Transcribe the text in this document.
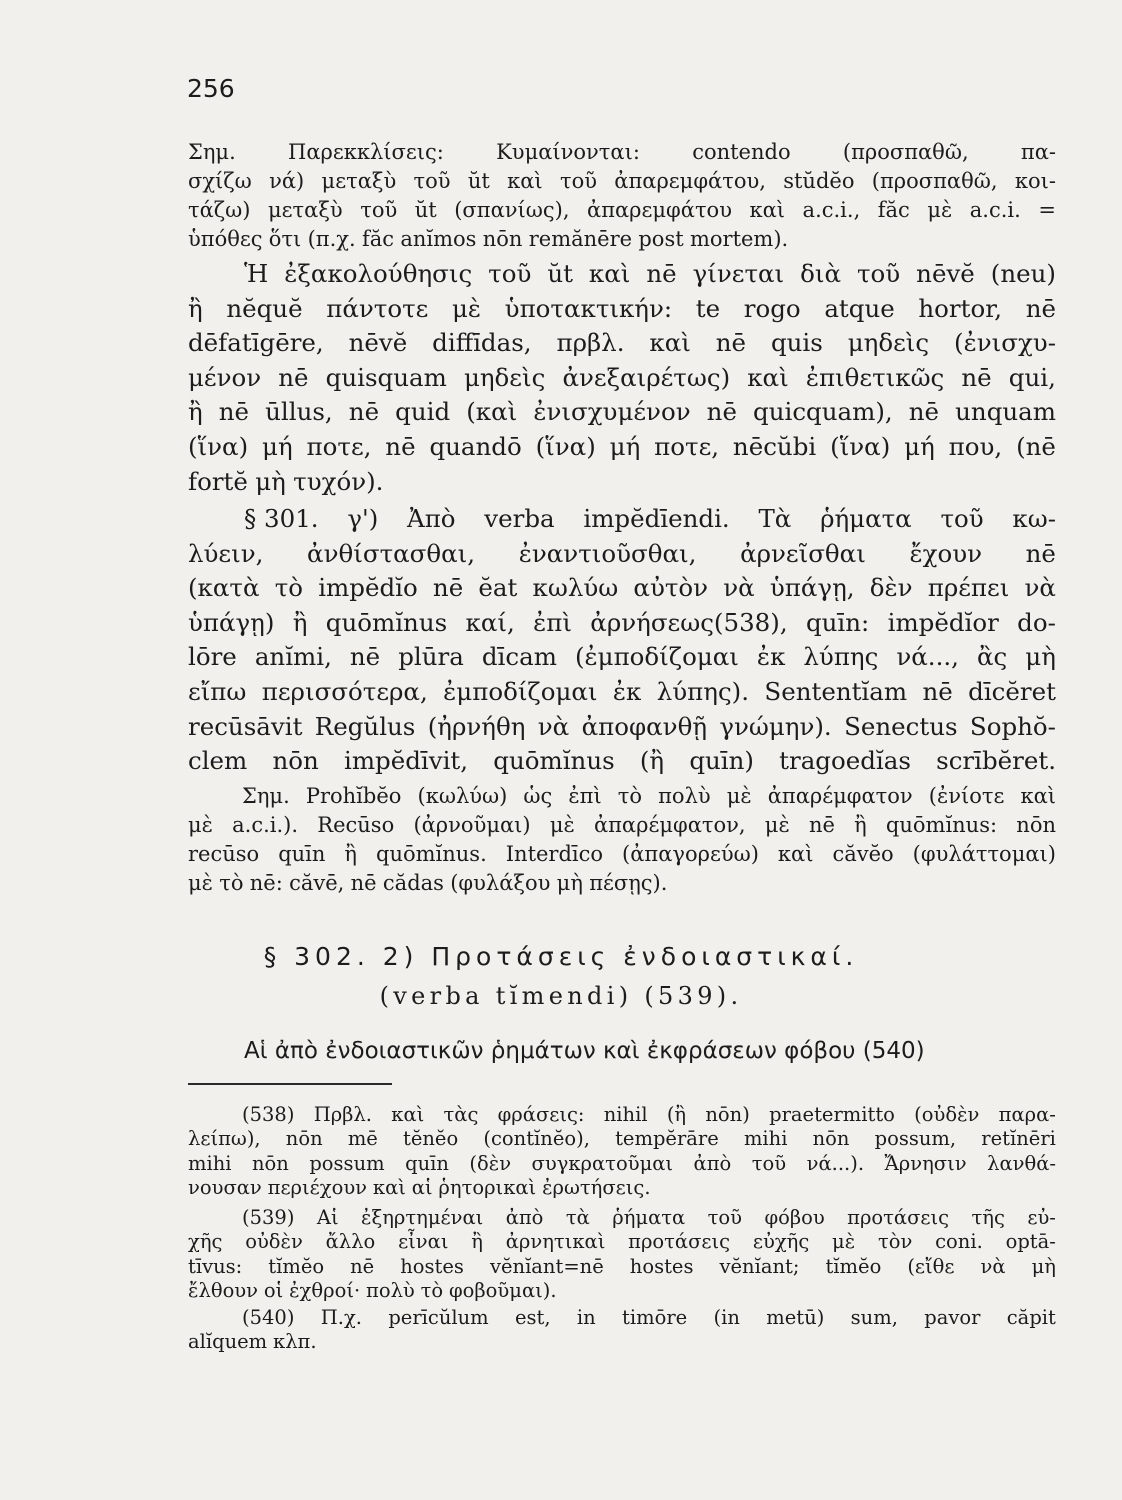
256
Σημ. Παρεκκλίσεις: Κυμαίνονται: contendo (προσπαθῶ, πα-
σχίζω νά) μεταξὺ τοῦ ŭt καὶ τοῦ ἀπαρεμφάτου, stŭdĕo (προσπαθῶ, κοι-
τάζω) μεταξὺ τοῦ ŭt (σπανίως), ἀπαρεμφάτου καὶ a.c.i., făc μὲ a.c.i. =
ὑπόθες ὅτι (π.χ. făc anĭmos nōn remănēre post mortem).
Ἡ ἐξακολούθησις τοῦ ŭt καὶ nē γίνεται διὰ τοῦ nēvĕ (neu)
ἢ nĕquĕ πάντοτε μὲ ὑποτακτικήν: te rogo atque hortor, nē
dēfatīgēre, nēvĕ diffīdas, πρβλ. καὶ nē quis μηδεὶς (ἐνισχυ-
μένον nē quisquam μηδεὶς ἀνεξαιρέτως) καὶ ἐπιθετικῶς nē qui,
ἢ nē ūllus, nē quid (καὶ ἐνισχυμένον nē quicquam), nē unquam
(ἵνα) μή ποτε, nē quandō (ἵνα) μή ποτε, nēcŭbi (ἵνα) μή που, (nē
fortĕ μὴ τυχόν).
§ 301. γ') Ἀπὸ verba impĕdīendi. Τὰ ῥήματα τοῦ κω-
λύειν, ἀνθίστασθαι, ἐναντιοῦσθαι, ἀρνεῖσθαι ἔχουν nē
(κατὰ τὸ impĕdĭo nē ĕat κωλύω αὐτὸν νὰ ὑπάγῃ, δὲν πρέπει νὰ
ὑπάγῃ) ἢ quōmĭnus καί, ἐπὶ ἀρνήσεως(538), quīn: impĕdĭor do-
lōre anĭmi, nē plūra dīcam (ἐμποδίζομαι ἐκ λύπης νά..., ἂς μὴ
εἴπω περισσότερα, ἐμποδίζομαι ἐκ λύπης). Sententĭam nē dīcĕret
recūsāvit Regŭlus (ἠρνήθη νὰ ἀποφανθῇ γνώμην). Senectus Sophŏ-
clem nōn impĕdīvit, quōmĭnus (ἢ quīn) tragoedĭas scrībĕret.
Σημ. Prohĭbĕo (κωλύω) ὡς ἐπὶ τὸ πολὺ μὲ ἀπαρέμφατον (ἐνίοτε καὶ
μὲ a.c.i.). Recūso (ἀρνοῦμαι) μὲ ἀπαρέμφατον, μὲ nē ἢ quōmĭnus: nōn
recūso quīn ἢ quōmĭnus. Interdīco (ἀπαγορεύω) καὶ căvĕo (φυλάττομαι)
μὲ τὸ nē: căvē, nē cădas (φυλάξου μὴ πέσῃς).
§ 302. 2) Προτάσεις ἐνδοιαστικαί.
(verba tĭmendi) (539).
Αἱ ἀπὸ ἐνδοιαστικῶν ῥημάτων καὶ ἐκφράσεων φόβου (540)
(538) Πρβλ. καὶ τὰς φράσεις: nihil (ἢ nōn) praetermitto (οὐδὲν παρα-
λείπω), nōn mē tĕnĕo (contĭnĕo), tempĕrāre mihi nōn possum, retĭnēri
mihi nōn possum quīn (δὲν συγκρατοῦμαι ἀπὸ τοῦ νά...). Ἄρνησιν λανθά-
νουσαν περιέχουν καὶ αἱ ῥητορικαὶ ἐρωτήσεις.
(539) Αἱ ἐξηρτημέναι ἀπὸ τὰ ῥήματα τοῦ φόβου προτάσεις τῆς εὐ-
χῆς οὐδὲν ἄλλο εἶναι ἢ ἀρνητικαὶ προτάσεις εὐχῆς μὲ τὸν coni. optā-
tīvus: tĭmĕo nē hostes vĕnĭant=nē hostes vĕnĭant; tĭmĕo (εἴθε νὰ μὴ
ἔλθουν οἱ ἐχθροί· πολὺ τὸ φοβοῦμαι).
(540) Π.χ. perīcŭlum est, in timōre (in metū) sum, pavor căpit
alĭquem κλπ.
